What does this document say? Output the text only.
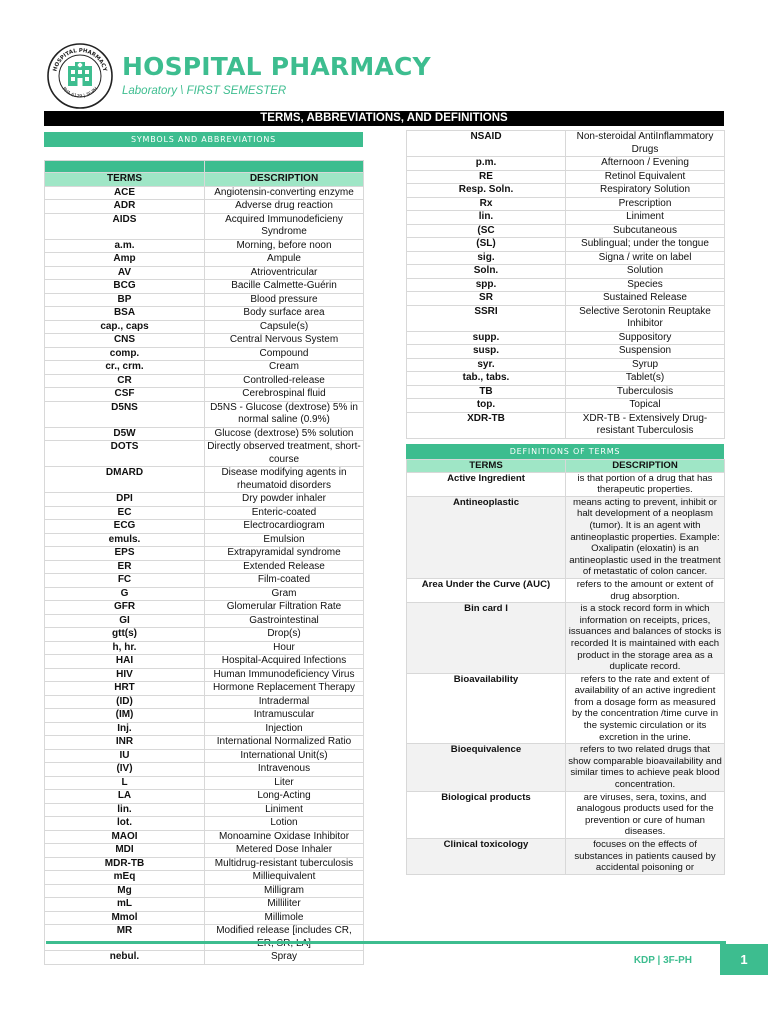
HOSPITAL PHARMACY
PHA 6129 | 3F-PH
HOSPITAL PHARMACY
Laboratory \ FIRST SEMESTER
TERMS, ABBREVIATIONS, AND DEFINITIONS
SYMBOLS AND ABBREVIATIONS

TERMS	DESCRIPTION
ACE	Angiotensin-converting enzyme
ADR	Adverse drug reaction
AIDS	Acquired Immunodeficieny Syndrome
a.m.	Morning, before noon
Amp	Ampule
AV	Atrioventricular
BCG	Bacille Calmette-Guérin
BP	Blood pressure
BSA	Body surface area
cap., caps	Capsule(s)
CNS	Central Nervous System
comp.	Compound
cr., crm.	Cream
CR	Controlled-release
CSF	Cerebrospinal fluid
D5NS	D5NS - Glucose (dextrose) 5% in normal saline (0.9%)
D5W	Glucose (dextrose) 5% solution
DOTS	Directly observed treatment, short-course
DMARD	Disease modifying agents in rheumatoid disorders
DPI	Dry powder inhaler
EC	Enteric-coated
ECG	Electrocardiogram
emuls.	Emulsion
EPS	Extrapyramidal syndrome
ER	Extended Release
FC	Film-coated
G	Gram
GFR	Glomerular Filtration Rate
GI	Gastrointestinal
gtt(s)	Drop(s)
h, hr.	Hour
HAI	Hospital-Acquired Infections
HIV	Human Immunodeficiency Virus
HRT	Hormone Replacement Therapy
(ID)	Intradermal
(IM)	Intramuscular
Inj.	Injection
INR	International Normalized Ratio
IU	International Unit(s)
(IV)	Intravenous
L	Liter
LA	Long-Acting
lin.	Liniment
lot.	Lotion
MAOI	Monoamine Oxidase Inhibitor
MDI	Metered Dose Inhaler
MDR-TB	Multidrug-resistant tuberculosis
mEq	Milliequivalent
Mg	Milligram
mL	Milliliter
Mmol	Millimole
MR	Modified release [includes CR,
nebul.	Spray
NSAID	Non-steroidal AntiInflammatory Drugs
p.m.	Afternoon / Evening
RE	Retinol Equivalent
Resp. Soln.	Respiratory Solution
Rx	Prescription
lin.	Liniment
(SC	Subcutaneous
(SL)	Sublingual; under the tongue
sig.	Signa / write on label
Soln.	Solution
spp.	Species
SR	Sustained Release
SSRI	Selective Serotonin Reuptake Inhibitor
supp.	Suppository
susp.	Suspension
syr.	Syrup
tab., tabs.	Tablet(s)
TB	Tuberculosis
top.	Topical
XDR-TB	XDR-TB - Extensively Drug-resistant Tuberculosis
DEFINITIONS OF TERMS
TERMS	DESCRIPTION
Active Ingredient	is that portion of a drug that has therapeutic properties.
Antineoplastic	means acting to prevent, inhibit or halt development of a neoplasm (tumor). It is an agent with antineoplastic properties. Example: Oxalipatin (eloxatin) is an antineoplastic used in the treatment of metastatic of colon cancer.
Area Under the Curve (AUC)	refers to the amount or extent of drug absorption.
Bin card I	is a stock record form in which information on receipts, prices, issuances and balances of stocks is recorded It is maintained with each product in the storage area as a duplicate record.
Bioavailability	refers to the rate and extent of availability of an active ingredient from a dosage form as measured by the concentration /time curve in the systemic circulation or its excretion in the urine.
Bioequivalence	refers to two related drugs that show comparable bioavailability and similar times to achieve peak blood concentration.
Biological products	are viruses, sera, toxins, and analogous products used for the prevention or cure of human diseases.
Clinical toxicology	focuses on the effects of substances in patients caused by accidental poisoning or
KDP | 3F-PH	1
